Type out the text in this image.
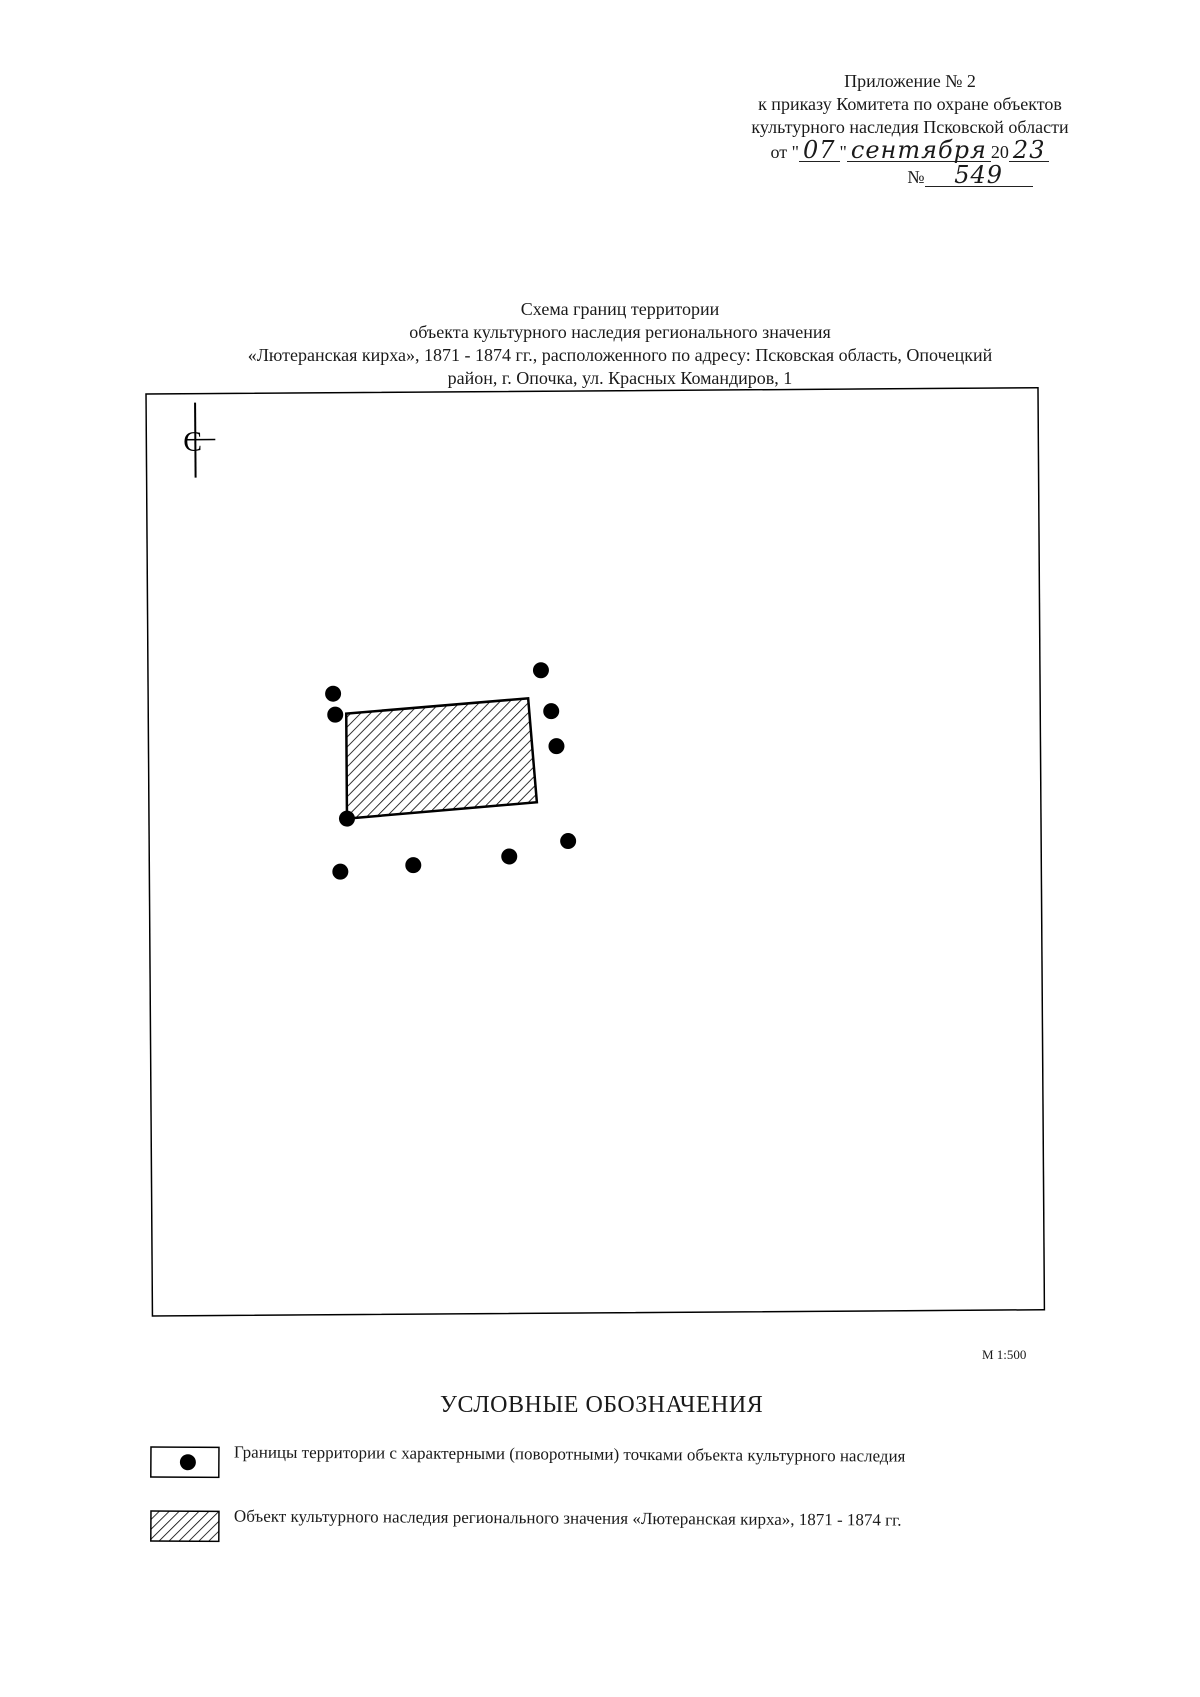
Приложение № 2
к приказу Комитета по охране объектов
культурного наследия Псковской области
от " 07 " сентября 20 23
№ 549
Схема границ территории
объекта культурного наследия регионального значения
«Лютеранская кирха», 1871 - 1874 гг., расположенного по адресу: Псковская область, Опочецкий
район, г. Опочка, ул. Красных Командиров, 1
С
М 1:500
УСЛОВНЫЕ ОБОЗНАЧЕНИЯ
Границы территории с характерными (поворотными) точками объекта культурного наследия
Объект культурного наследия регионального значения «Лютеранская кирха», 1871 - 1874 гг.
